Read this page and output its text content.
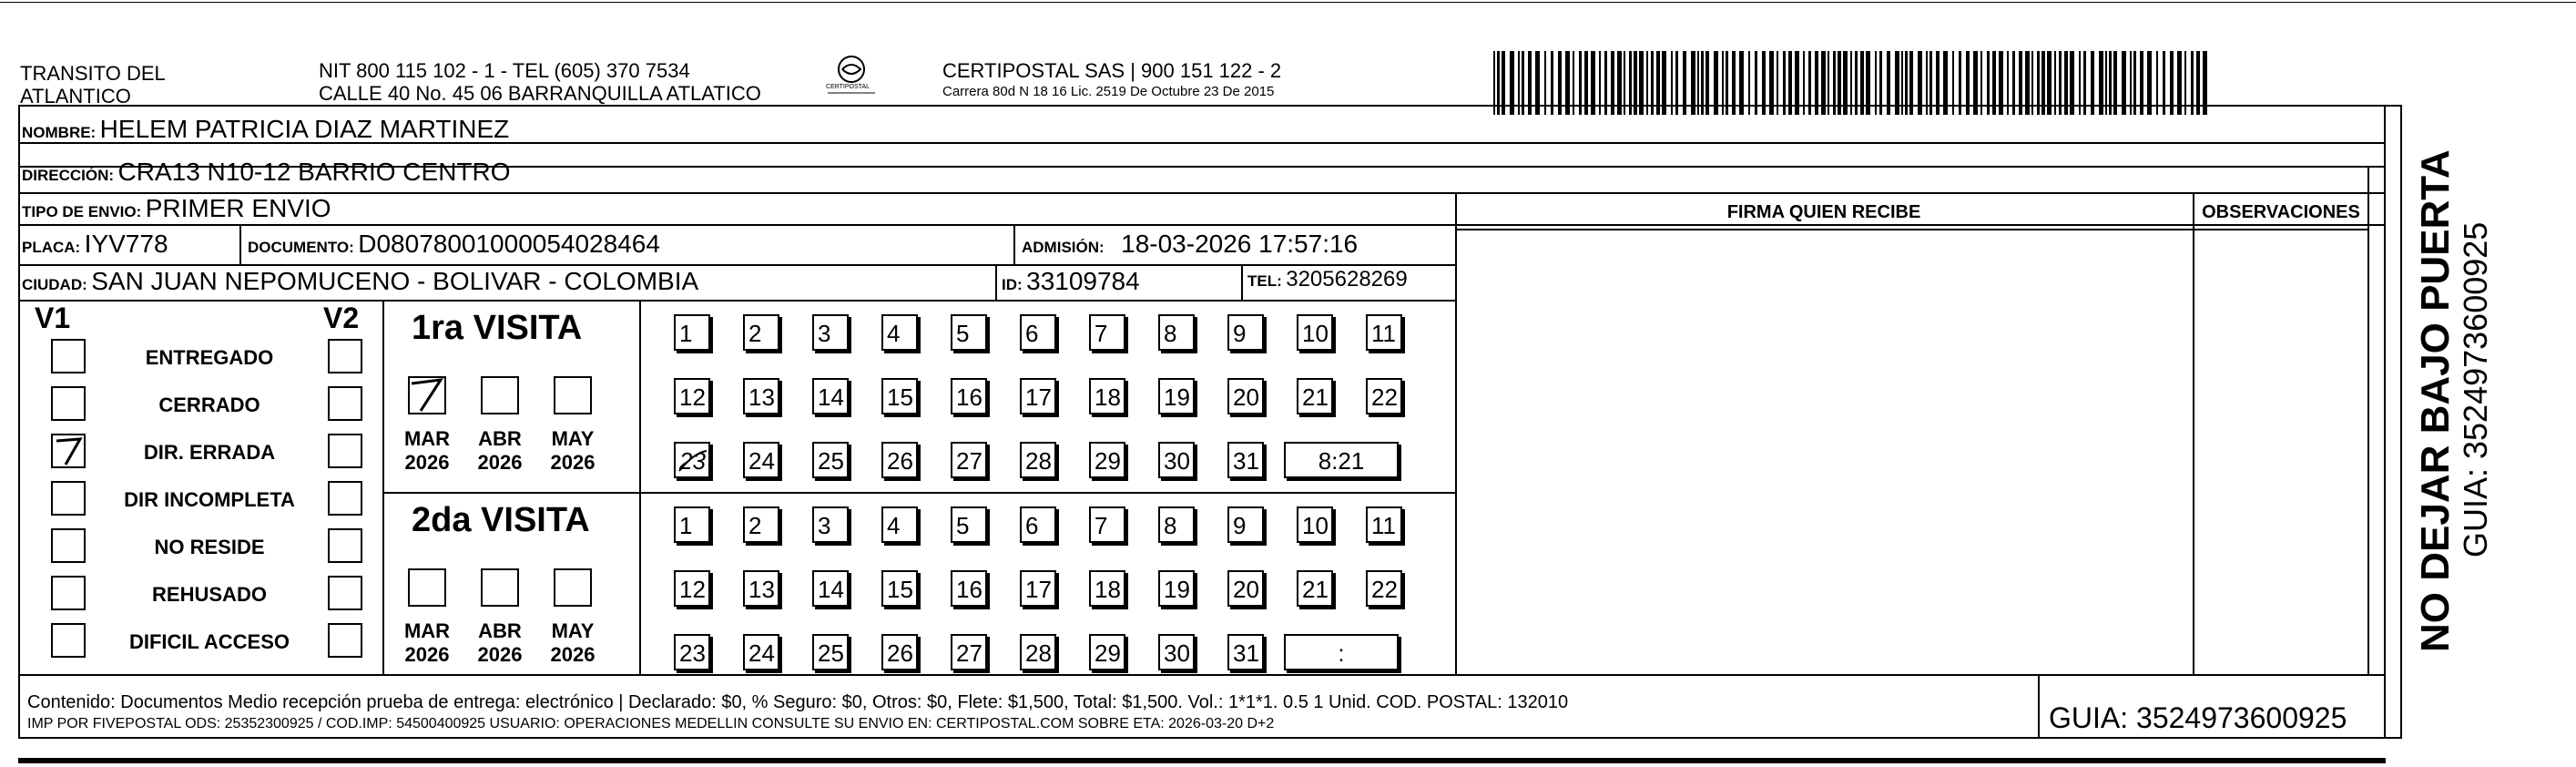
TRANSITO DEL
ATLANTICO
NIT 800 115 102 - 1 - TEL (605) 370 7534
CALLE 40 No. 45 06 BARRANQUILLA ATLATICO	CERTIPOSTAL
CERTIPOSTAL SAS | 900 151 122 - 2
Carrera 80d N 18 16 Lic. 2519 De Octubre 23 De 2015
NOMBRE: HELEM PATRICIA DIAZ MARTINEZ
DIRECCIÓN: CRA13 N10-12 BARRIO CENTRO
TIPO DE ENVIO: PRIMER ENVIO
PLACA: IYV778	DOCUMENTO: D08078001000054028464	ADMISIÓN: 18-03-2026 17:57:16
CIUDAD: SAN JUAN NEPOMUCENO - BOLIVAR - COLOMBIA	ID: 33109784	TEL: 3205628269
FIRMA QUIEN RECIBE	OBSERVACIONES
V1	V2
ENTREGADO
CERRADO
DIR. ERRADA
DIR INCOMPLETA
NO RESIDE
REHUSADO
DIFICIL ACCESO
1ra VISITA
MAR
2026
ABR
2026
MAY
2026
1	2	3	4	5	6	7	8	9	10 11
12 13 14 15 16 17 18 19 20 21 22
23 24 25 26 27 28 29 30 31	8:21
2da VISITA
MAR
2026
ABR
2026
MAY
2026
1	2	3	4	5	6	7	8	9	10 11
12 13 14 15 16 17 18 19 20 21 22
23 24 25 26 27 28 29 30 31	:
Contenido: Documentos Medio recepción prueba de entrega: electrónico | Declarado: $0, % Seguro: $0, Otros: $0, Flete: $1,500, Total: $1,500. Vol.: 1*1*1. 0.5 1 Unid. COD. POSTAL: 132010
IMP POR FIVEPOSTAL ODS: 25352300925 / COD.IMP: 54500400925 USUARIO: OPERACIONES MEDELLIN CONSULTE SU ENVIO EN: CERTIPOSTAL.COM SOBRE ETA: 2026-03-20 D+2	GUIA: 3524973600925
NO DEJAR BAJO PUERTA GUIA: 3524973600925
